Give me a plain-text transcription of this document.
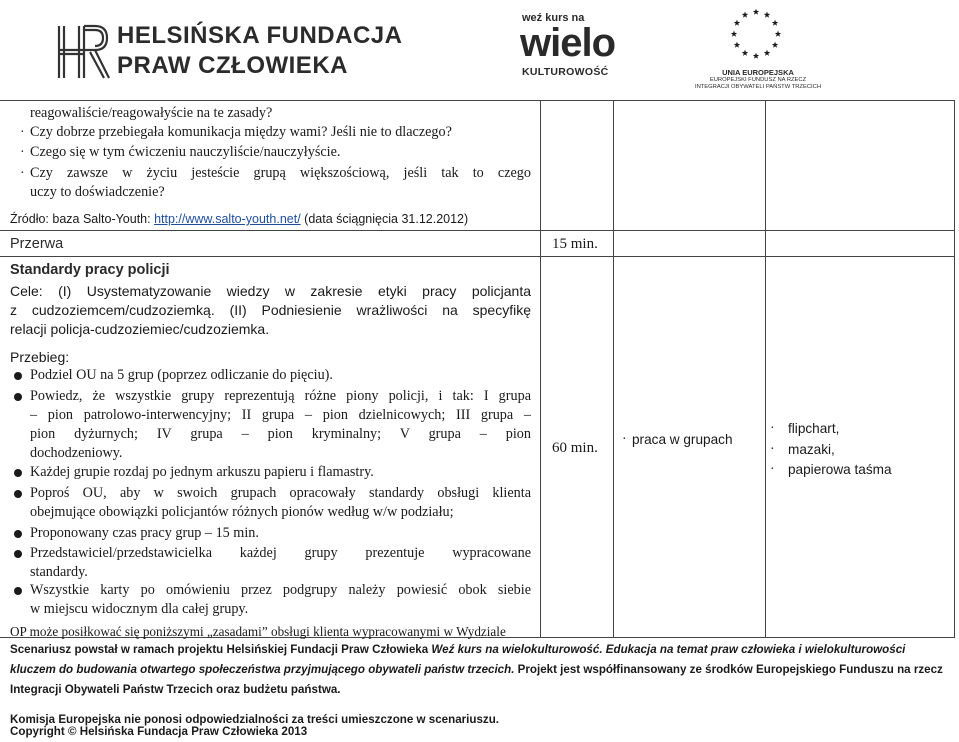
HELSIŃSKA FUNDACJA
PRAW CZŁOWIEKA
weź kurs na
wielo
KULTUROWOŚĆ	UNIA EUROPEJSKA
EUROPEJSKI FUNDUSZ NA RZECZ
INTEGRACJI OBYWATELI PAŃSTW TRZECICH
reagowaliście/reagowałyście na te zasady?
· Czy dobrze przebiegała komunikacja między wami? Jeśli nie to dlaczego?
· Czego się w tym ćwiczeniu nauczyliście/nauczyłyście.
· Czy zawsze w życiu jesteście grupą większościową, jeśli tak to czego
uczy to doświadczenie?
Źródło: baza Salto-Youth: http://www.salto-youth.net/ (data ściągnięcia 31.12.2012)
Przerwa	15 min.
Standardy pracy policji
Cele: (I) Usystematyzowanie wiedzy w zakresie etyki pracy policjanta
z cudzoziemcem/cudzoziemką. (II) Podniesienie wrażliwości na specyfikę
relacji policja-cudzoziemiec/cudzoziemka.
Przebieg:
Podziel OU na 5 grup (poprzez odliczanie do pięciu).
Powiedz, że wszystkie grupy reprezentują różne piony policji, i tak: I grupa
– pion patrolowo-interwencyjny; II grupa – pion dzielnicowych; III grupa –
pion dyżurnych; IV grupa – pion kryminalny; V grupa – pion
dochodzeniowy.
Każdej grupie rozdaj po jednym arkuszu papieru i flamastry.
Poproś OU, aby w swoich grupach opracowały standardy obsługi klienta
obejmujące obowiązki policjantów różnych pionów według w/w podziału;
Proponowany czas pracy grup – 15 min.
Przedstawiciel/przedstawicielka każdej grupy prezentuje wypracowane
standardy.
Wszystkie karty po omówieniu przez podgrupy należy powiesić obok siebie
w miejscu widocznym dla całej grupy.
OP może posiłkować się poniższymi „zasadami” obsługi klienta wypracowanymi w Wydziale
60 min.
· praca w grupach
· flipchart,
· mazaki,
· papierowa taśma
Scenariusz powstał w ramach projektu Helsińskiej Fundacji Praw Człowieka Weź kurs na wielokulturowość. Edukacja na temat praw człowieka i wielokulturowości
kluczem do budowania otwartego społeczeństwa przyjmującego obywateli państw trzecich. Projekt jest współfinansowany ze środków Europejskiego Funduszu na rzecz
Integracji Obywateli Państw Trzecich oraz budżetu państwa.
Komisja Europejska nie ponosi odpowiedzialności za treści umieszczone w scenariuszu.
Copyright © Helsińska Fundacja Praw Człowieka 2013
